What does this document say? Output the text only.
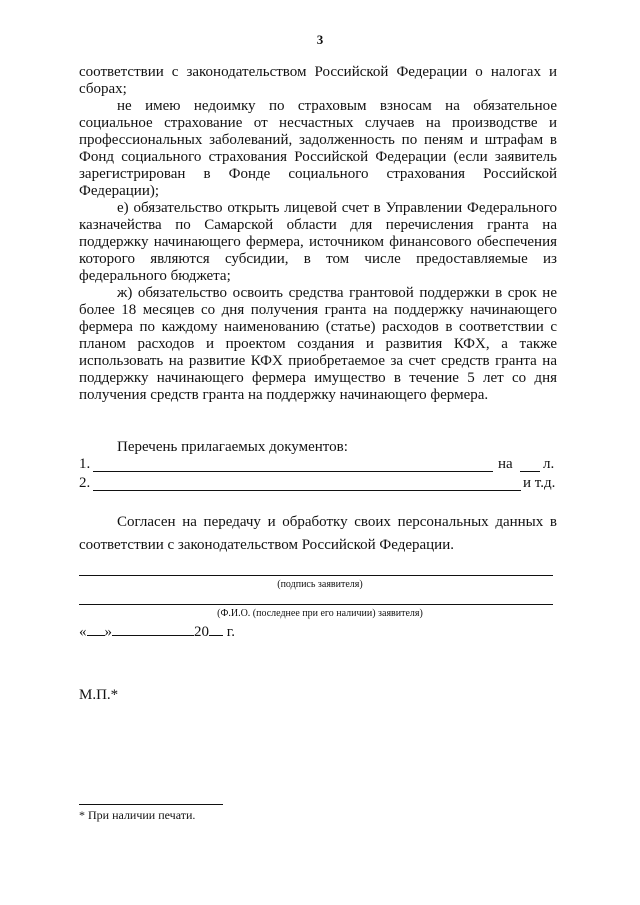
3

соответствии с законодательством Российской Федерации о налогах и сборах;

не имею недоимку по страховым взносам на обязательное социальное страхование от несчастных случаев на производстве и профессиональных заболеваний, задолженность по пеням и штрафам в Фонд социального страхования Российской Федерации (если заявитель зарегистрирован в Фонде социального страхования Российской Федерации);

е) обязательство открыть лицевой счет в Управлении Федерального казначейства по Самарской области для перечисления гранта на поддержку начинающего фермера, источником финансового обеспечения которого являются субсидии, в том числе предоставляемые из федерального бюджета;

ж) обязательство освоить средства грантовой поддержки в срок не более 18 месяцев со дня получения гранта на поддержку начинающего фермера по каждому наименованию (статье) расходов в соответствии с планом расходов и проектом создания и развития КФХ, а также использовать на развитие КФХ приобретаемое за счет средств гранта на поддержку начинающего фермера имущество в течение 5 лет со дня получения средств гранта на поддержку начинающего фермера.

Перечень прилагаемых документов:
1.	на л.
2.	и т.д.

Согласен на передачу и обработку своих персональных данных в соответствии с законодательством Российской Федерации.

(подпись заявителя)
(Ф.И.О. (последнее при его наличии) заявителя)
« »	20 г.
М.П.*
* При наличии печати.
